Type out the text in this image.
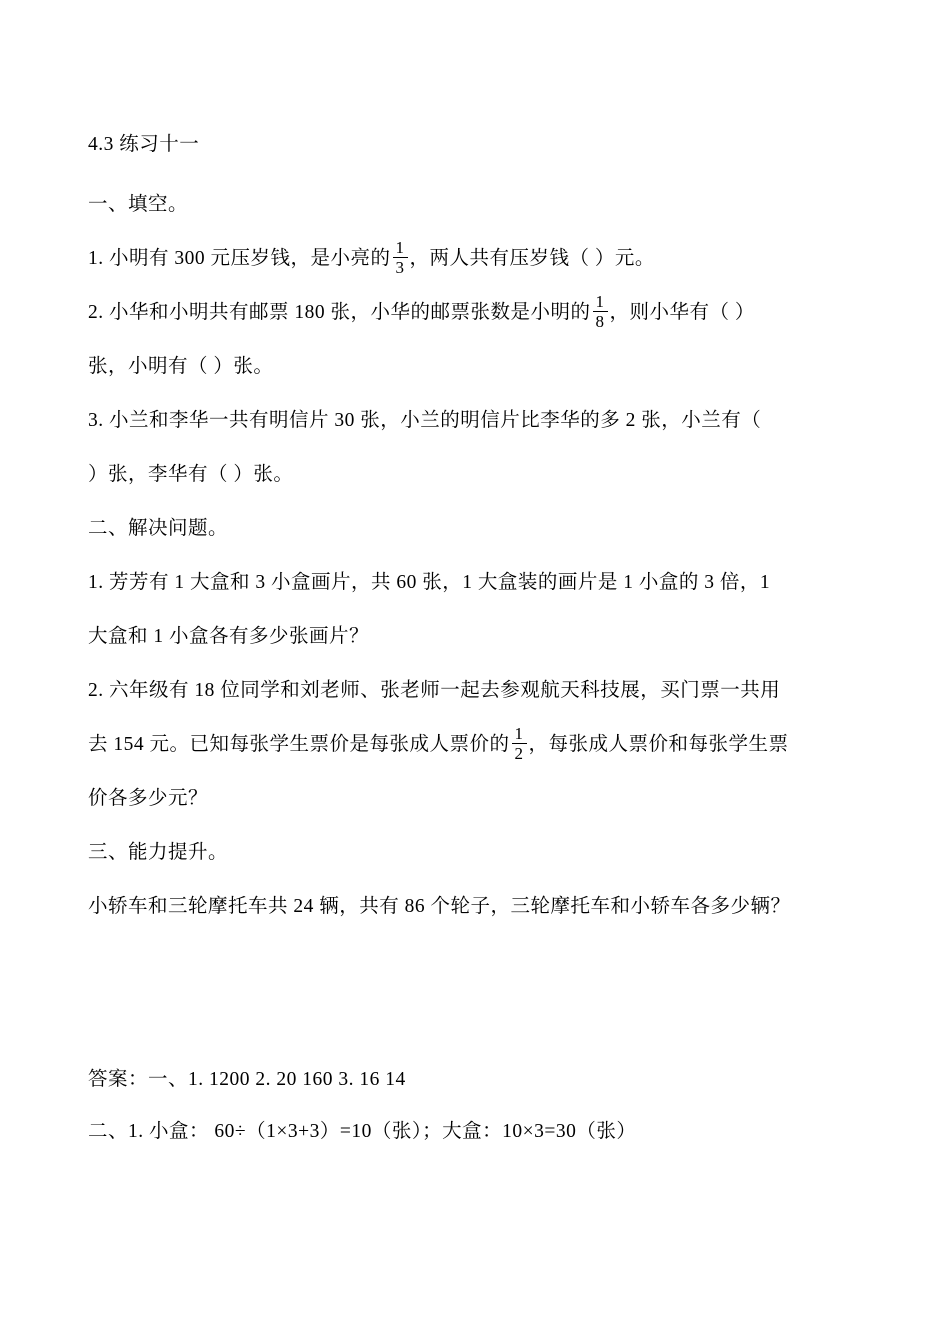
4.3 练习十一
一、填空。
1. 小明有 300 元压岁钱，是小亮的 $\frac{1}{3}$ ，两人共有压岁钱（ ）元。
2. 小华和小明共有邮票 180 张，小华的邮票张数是小明的 $\frac{1}{8}$ ，则小华有（ ）
张，小明有（ ）张。
3. 小兰和李华一共有明信片 30 张，小兰的明信片比李华的多 2 张，小兰有（
）张，李华有（ ）张。
二、解决问题。
1. 芳芳有 1 大盒和 3 小盒画片，共 60 张，1 大盒装的画片是 1 小盒的 3 倍，1
大盒和 1 小盒各有多少张画片？
2. 六年级有 18 位同学和刘老师、张老师一起去参观航天科技展，买门票一共用
去 154 元。已知每张学生票价是每张成人票价的 $\frac{1}{2}$ ，每张成人票价和每张学生票
价各多少元？
三、能力提升。
小轿车和三轮摩托车共 24 辆，共有 86 个轮子，三轮摩托车和小轿车各多少辆？
答案：一、1. 1200 2. 20 160 3. 16 14
二、1. 小盒： 60÷（1×3+3）=10（张）；大盒：10×3=30（张）
